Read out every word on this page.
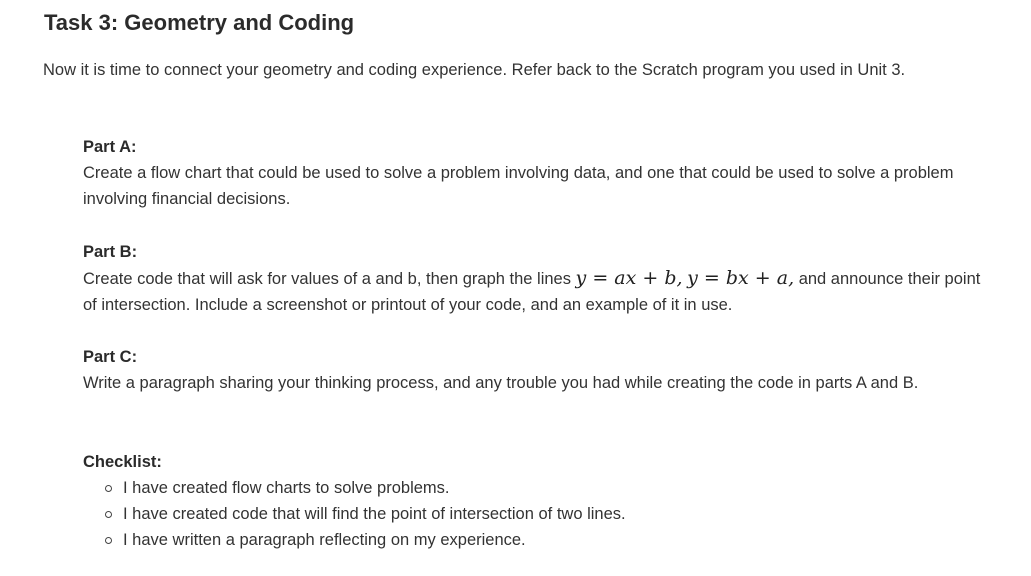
Task 3: Geometry and Coding

Now it is time to connect your geometry and coding experience. Refer back to the Scratch program you used in Unit 3.

Part A:

Create a flow chart that could be used to solve a problem involving data, and one that could be used to solve a problem involving financial decisions.

Part B:

Create code that will ask for values of a and b, then graph the lines y = ax + b, y = bx + a, and announce their point of intersection. Include a screenshot or printout of your code, and an example of it in use.

Part C:

Write a paragraph sharing your thinking process, and any trouble you had while creating the code in parts A and B.

Checklist:

I have created flow charts to solve problems.
I have created code that will find the point of intersection of two lines.
I have written a paragraph reflecting on my experience.
